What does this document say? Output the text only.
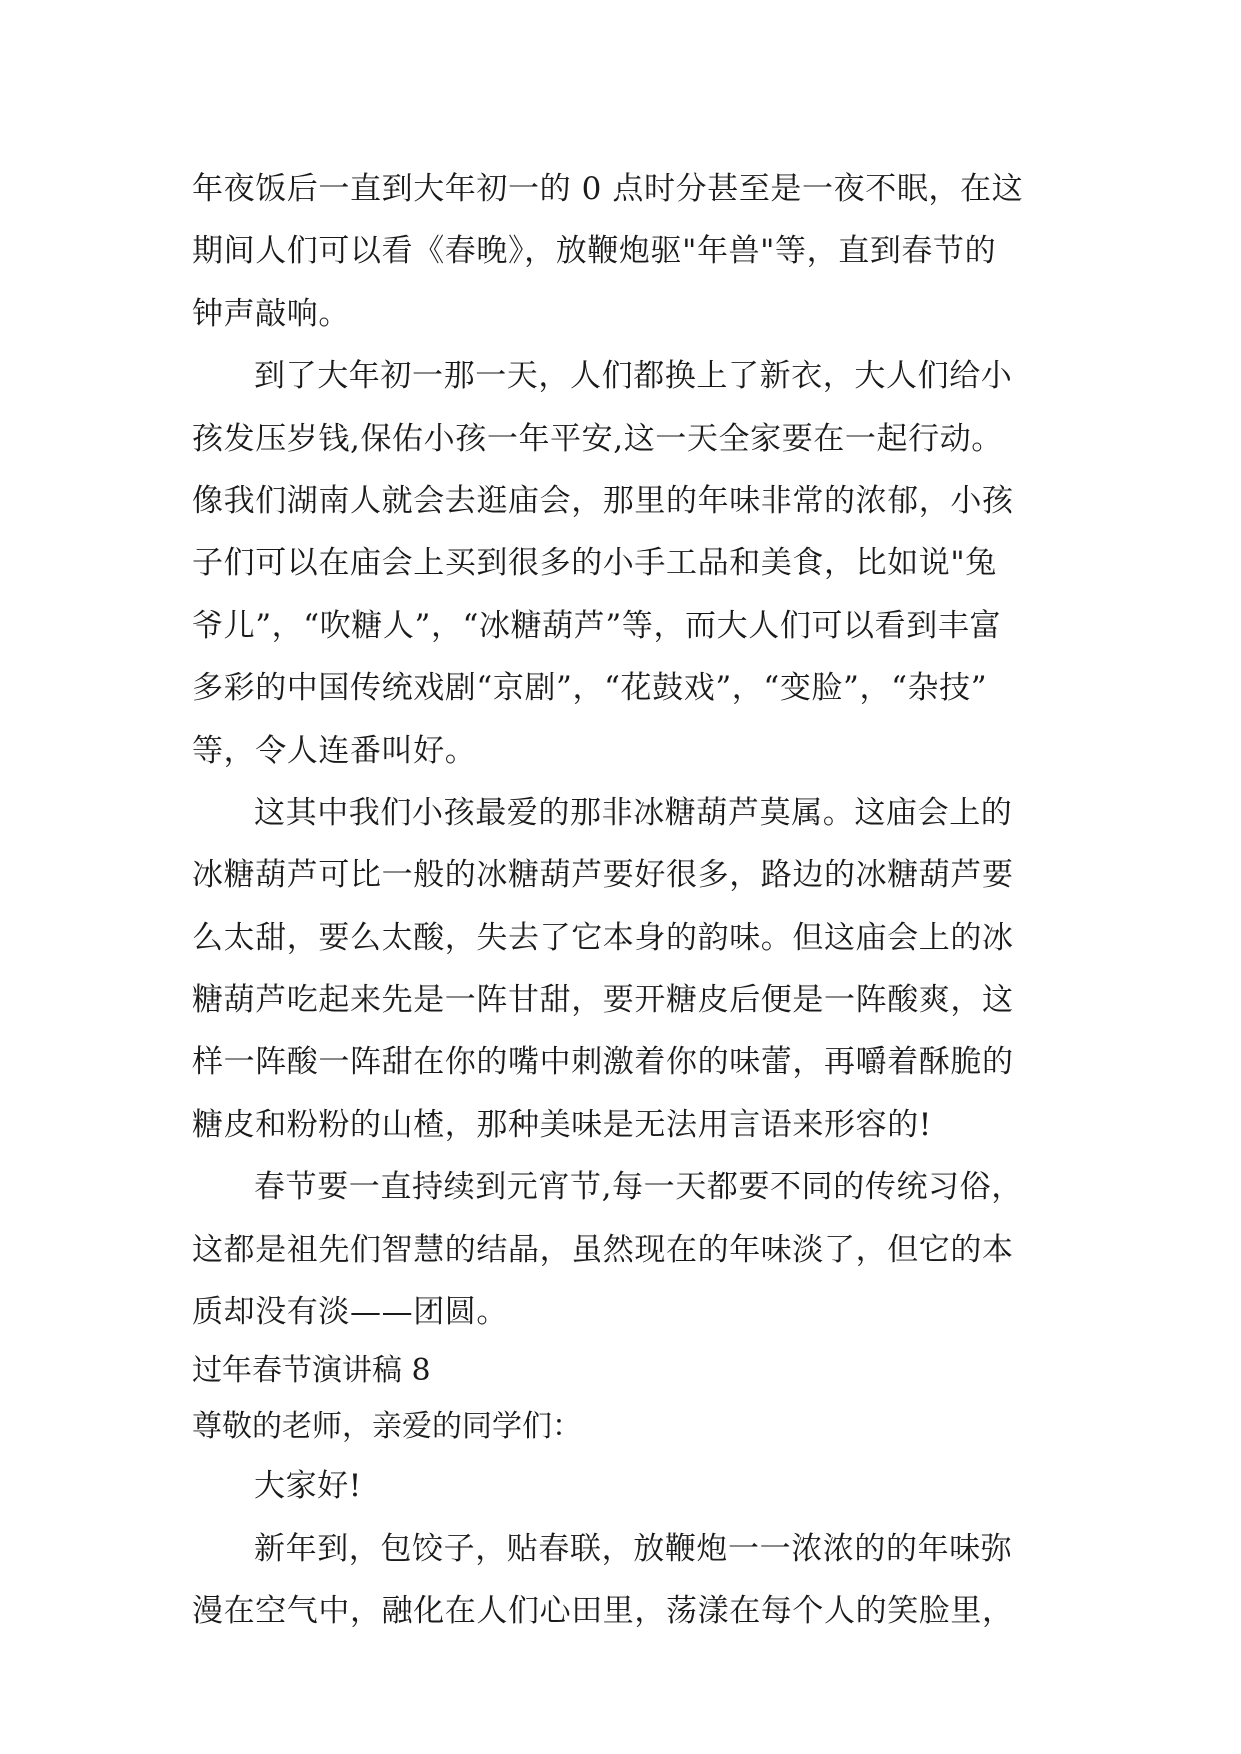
年夜饭后一直到大年初一的 0 点时分甚至是一夜不眠，在这
期间人们可以看《春晚》，放鞭炮驱"年兽"等，直到春节的
钟声敲响。
到了大年初一那一天，人们都换上了新衣，大人们给小
孩发压岁钱,保佑小孩一年平安,这一天全家要在一起行动。
像我们湖南人就会去逛庙会，那里的年味非常的浓郁，小孩
子们可以在庙会上买到很多的小手工品和美食，比如说"兔
爷儿”，“吹糖人”，“冰糖葫芦”等，而大人们可以看到丰富
多彩的中国传统戏剧“京剧”，“花鼓戏”，“变脸”，“杂技”
等，令人连番叫好。
这其中我们小孩最爱的那非冰糖葫芦莫属。这庙会上的
冰糖葫芦可比一般的冰糖葫芦要好很多，路边的冰糖葫芦要
么太甜，要么太酸，失去了它本身的韵味。但这庙会上的冰
糖葫芦吃起来先是一阵甘甜，要开糖皮后便是一阵酸爽，这
样一阵酸一阵甜在你的嘴中刺激着你的味蕾，再嚼着酥脆的
糖皮和粉粉的山楂，那种美味是无法用言语来形容的!
春节要一直持续到元宵节,每一天都要不同的传统习俗，
这都是祖先们智慧的结晶，虽然现在的年味淡了，但它的本
质却没有淡——团圆。
过年春节演讲稿 8
尊敬的老师，亲爱的同学们：
大家好!
新年到，包饺子，贴春联，放鞭炮一一浓浓的的年味弥
漫在空气中，融化在人们心田里，荡漾在每个人的笑脸里，
